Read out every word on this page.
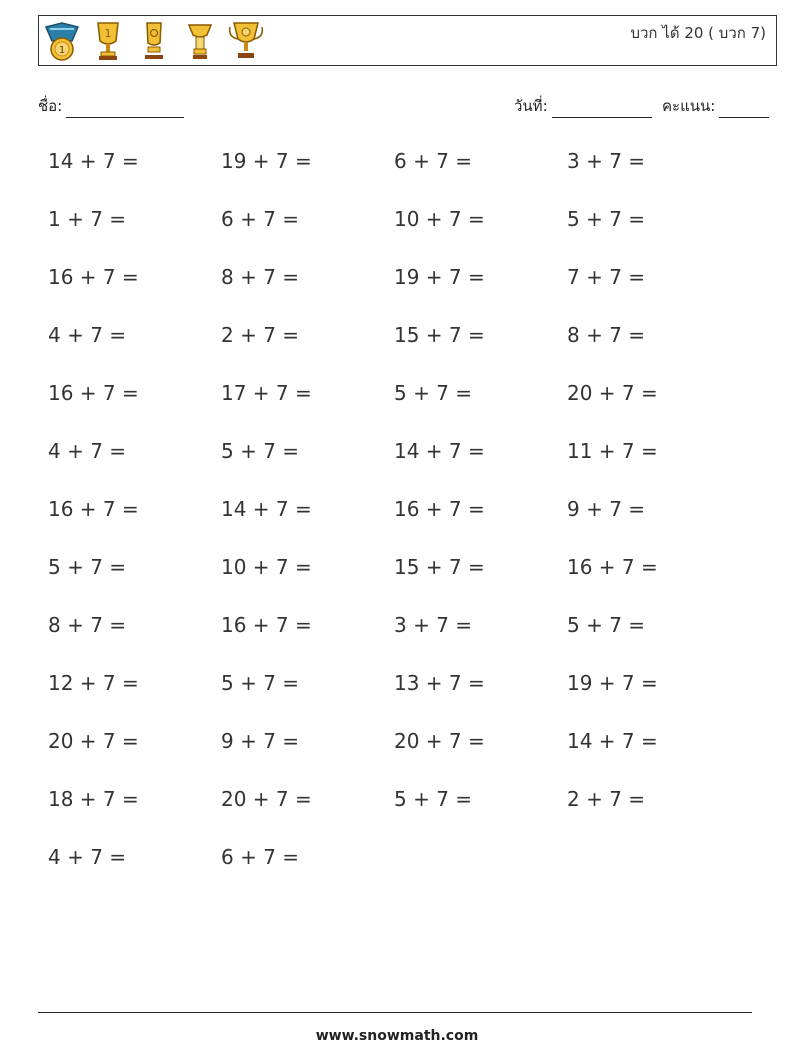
1
1	บวก ได้ 20 ( บวก 7)
ชื่อ:	วันที่:	คะแนน:
14 + 7 =	19 + 7 =	6 + 7 =	3 + 7 =
1 + 7 =	6 + 7 =	10 + 7 =	5 + 7 =
16 + 7 =	8 + 7 =	19 + 7 =	7 + 7 =
4 + 7 =	2 + 7 =	15 + 7 =	8 + 7 =
16 + 7 =	17 + 7 =	5 + 7 =	20 + 7 =
4 + 7 =	5 + 7 =	14 + 7 =	11 + 7 =
16 + 7 =	14 + 7 =	16 + 7 =	9 + 7 =
5 + 7 =	10 + 7 =	15 + 7 =	16 + 7 =
8 + 7 =	16 + 7 =	3 + 7 =	5 + 7 =
12 + 7 =	5 + 7 =	13 + 7 =	19 + 7 =
20 + 7 =	9 + 7 =	20 + 7 =	14 + 7 =
18 + 7 =	20 + 7 =	5 + 7 =	2 + 7 =
4 + 7 =	6 + 7 =
www.snowmath.com
